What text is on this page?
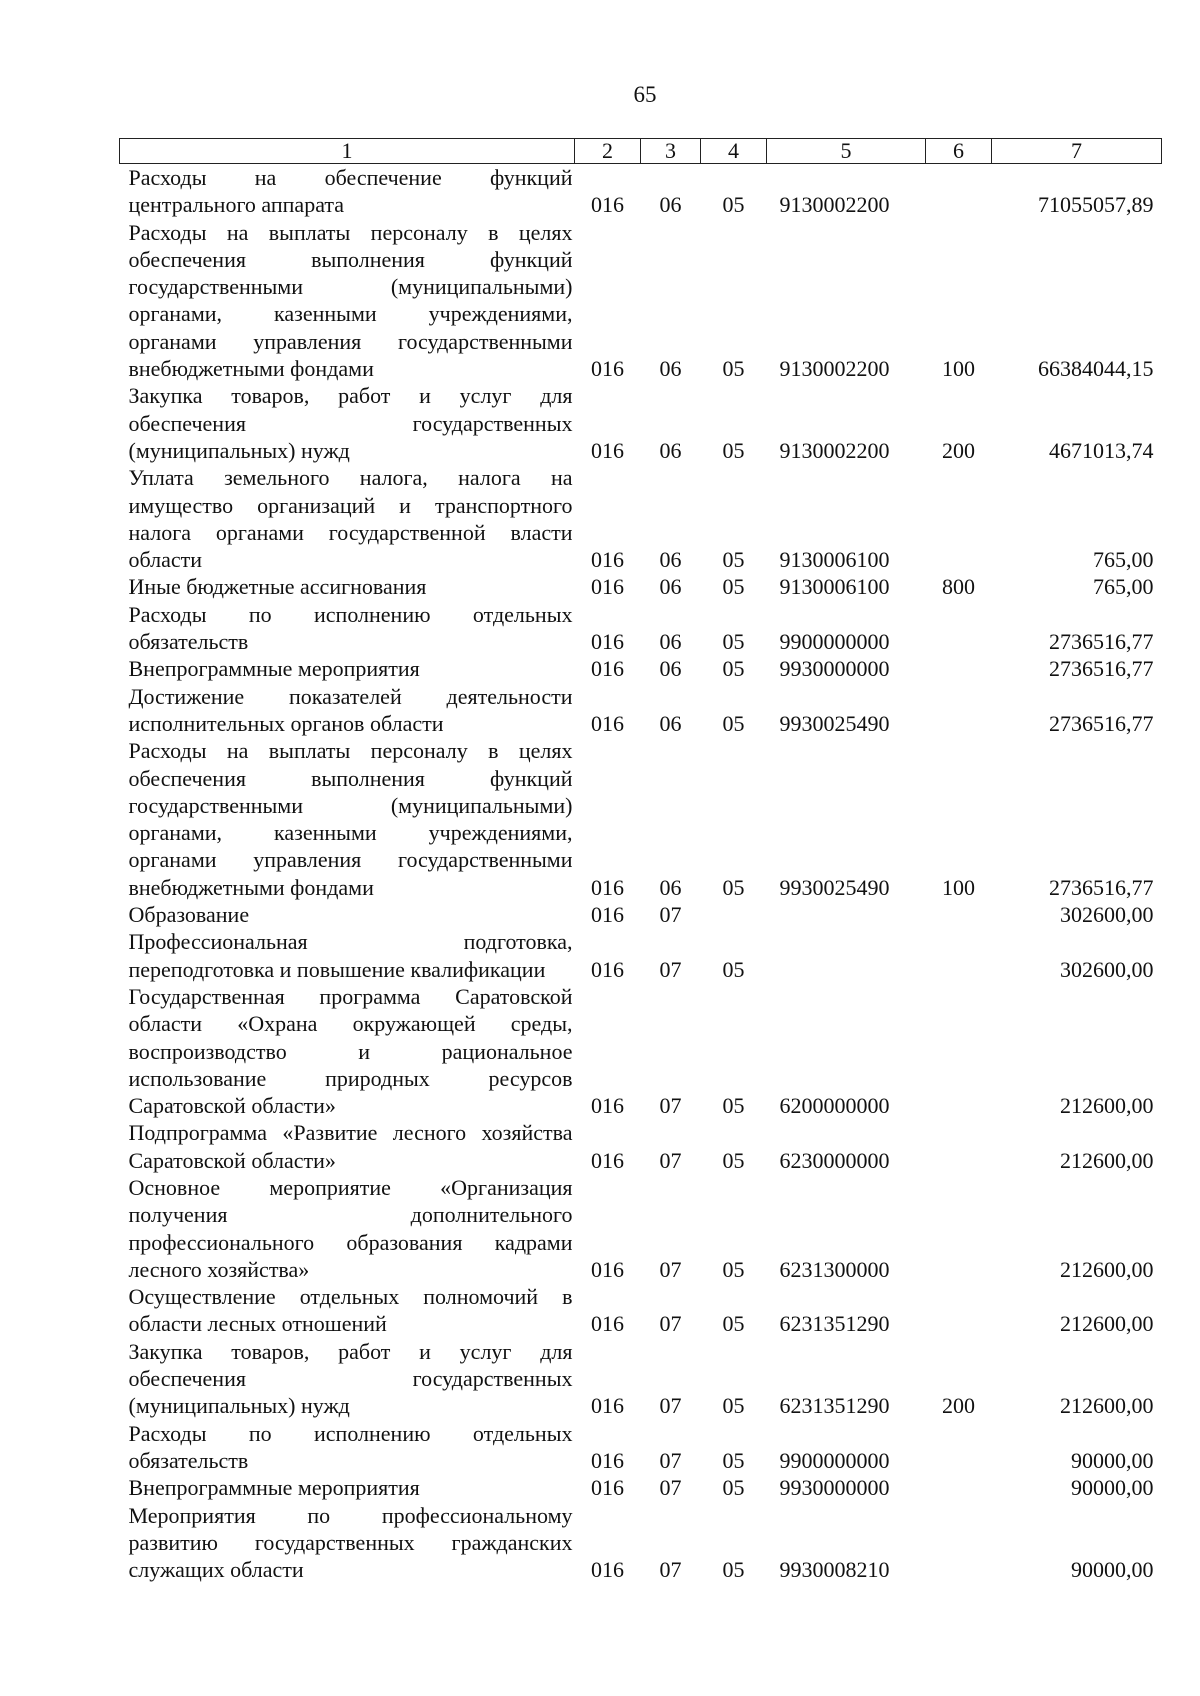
65
1	2	3	4	5	6	7
Расходы на обеспечение функций центрального аппарата	016	06	05	9130002200		71055057,89
Расходы на выплаты персоналу в целях обеспечения выполнения функций государственными (муниципальными) органами, казенными учреждениями, органами управления государственными внебюджетными фондами	016	06	05	9130002200	100	66384044,15
Закупка товаров, работ и услуг для обеспечения государственных (муниципальных) нужд	016	06	05	9130002200	200	4671013,74
Уплата земельного налога, налога на имущество организаций и транспортного налога органами государственной власти области	016	06	05	9130006100		765,00
Иные бюджетные ассигнования	016	06	05	9130006100	800	765,00
Расходы по исполнению отдельных обязательств	016	06	05	9900000000		2736516,77
Внепрограммные мероприятия	016	06	05	9930000000		2736516,77
Достижение показателей деятельности исполнительных органов области	016	06	05	9930025490		2736516,77
Расходы на выплаты персоналу в целях обеспечения выполнения функций государственными (муниципальными) органами, казенными учреждениями, органами управления государственными внебюджетными фондами	016	06	05	9930025490	100	2736516,77
Образование	016	07				302600,00
Профессиональная подготовка, переподготовка и повышение квалификации	016	07	05			302600,00
Государственная программа Саратовской области «Охрана окружающей среды, воспроизводство и рациональное использование природных ресурсов Саратовской области»	016	07	05	6200000000		212600,00
Подпрограмма «Развитие лесного хозяйства Саратовской области»	016	07	05	6230000000		212600,00
Основное мероприятие «Организация получения дополнительного профессионального образования кадрами лесного хозяйства»	016	07	05	6231300000		212600,00
Осуществление отдельных полномочий в области лесных отношений	016	07	05	6231351290		212600,00
Закупка товаров, работ и услуг для обеспечения государственных (муниципальных) нужд	016	07	05	6231351290	200	212600,00
Расходы по исполнению отдельных обязательств	016	07	05	9900000000		90000,00
Внепрограммные мероприятия	016	07	05	9930000000		90000,00
Мероприятия по профессиональному развитию государственных гражданских служащих области	016	07	05	9930008210		90000,00
